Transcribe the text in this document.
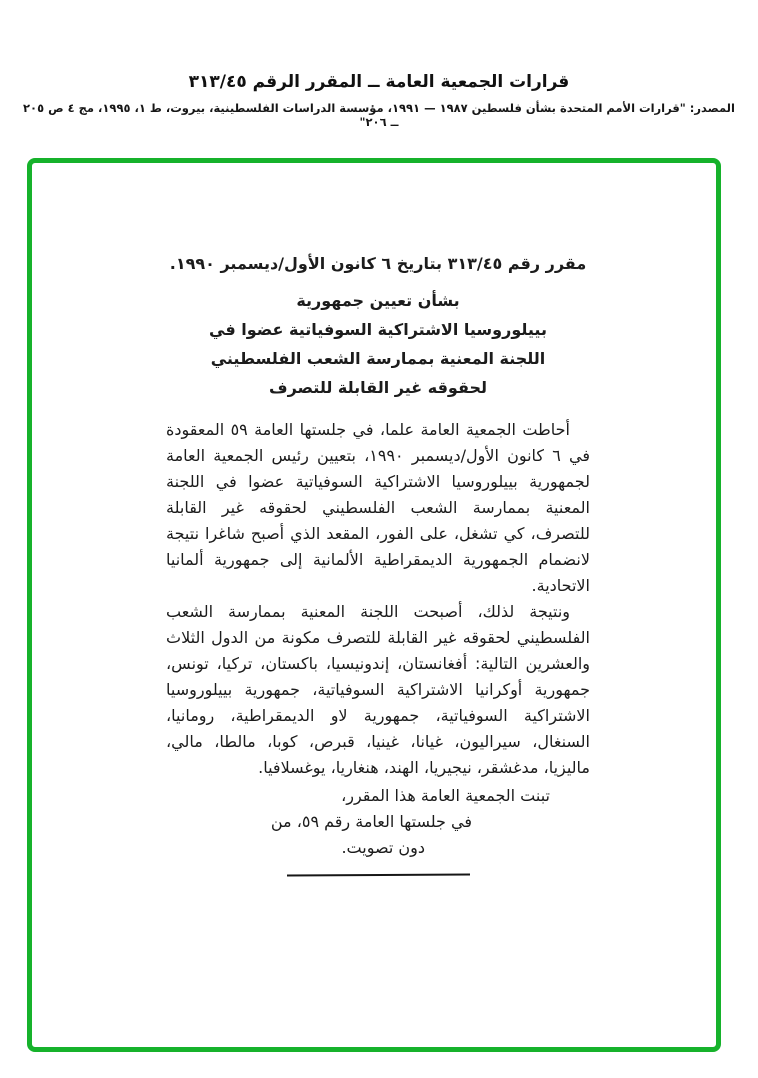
قرارات الجمعية العامة ــ المقرر الرقم ٣١٣/٤٥
المصدر: "قرارات الأمم المتحدة بشأن فلسطين ١٩٨٧ — ١٩٩١، مؤسسة الدراسات الفلسطينية، بيروت، ط ١، ١٩٩٥، مج ٤ ص ٢٠٥ ــ ٢٠٦"
مقرر رقم ٣١٣/٤٥ بتاريخ ٦ كانون الأول/ديسمبر ١٩٩٠.
بشأن تعيين جمهورية
بييلوروسيا الاشتراكية السوفياتية عضوا في
اللجنة المعنية بممارسة الشعب الفلسطيني
لحقوقه غير القابلة للتصرف

أحاطت الجمعية العامة علما، في جلستها العامة ٥٩ المعقودة في ٦ كانون الأول/ديسمبر ١٩٩٠، بتعيين رئيس الجمعية العامة لجمهورية بييلوروسيا الاشتراكية السوفياتية عضوا في اللجنة المعنية بممارسة الشعب الفلسطيني لحقوقه غير القابلة للتصرف، كي تشغل، على الفور، المقعد الذي أصبح شاغرا نتيجة لانضمام الجمهورية الديمقراطية الألمانية إلى جمهورية ألمانيا الاتحادية.

ونتيجة لذلك، أصبحت اللجنة المعنية بممارسة الشعب الفلسطيني لحقوقه غير القابلة للتصرف مكونة من الدول الثلاث والعشرين التالية: أفغانستان، إندونيسيا، باكستان، تركيا، تونس، جمهورية أوكرانيا الاشتراكية السوفياتية، جمهورية بييلوروسيا الاشتراكية السوفياتية، جمهورية لاو الديمقراطية، رومانيا، السنغال، سيراليون، غيانا، غينيا، قبرص، كوبا، مالطا، مالي، ماليزيا، مدغشقر، نيجيريا، الهند، هنغاريا، يوغسلافيا.

تبنت الجمعية العامة هذا المقرر،
في جلستها العامة رقم ٥٩، من
دون تصويت.
